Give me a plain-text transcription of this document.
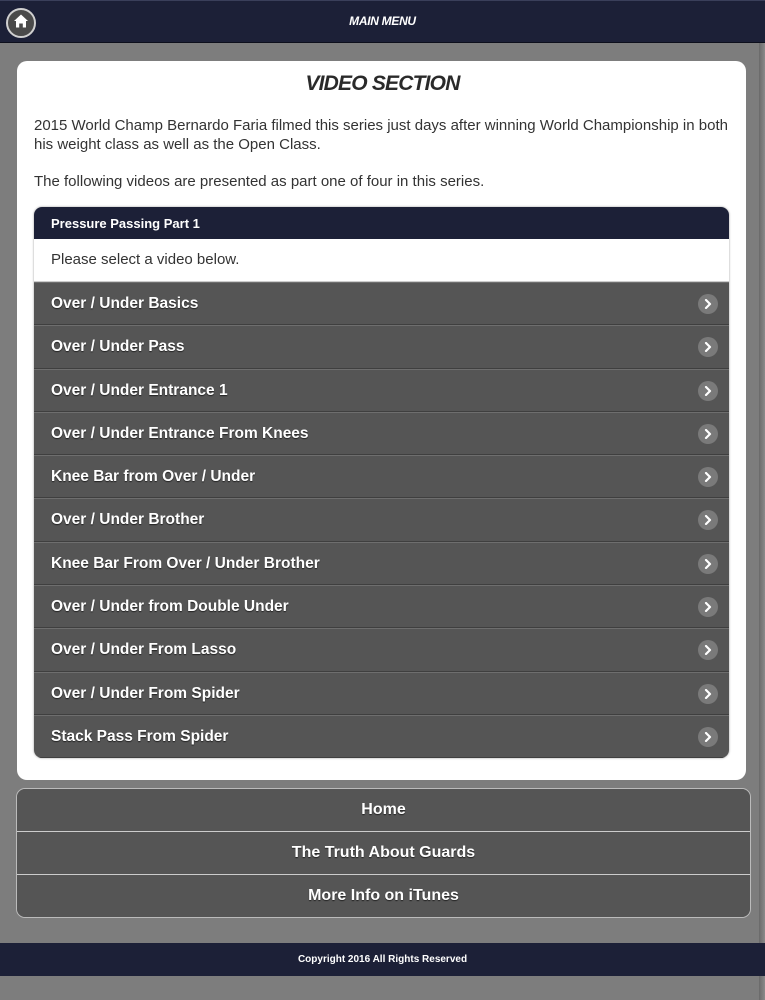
MAIN MENU
VIDEO SECTION
2015 World Champ Bernardo Faria filmed this series just days after winning World Championship in both his weight class as well as the Open Class.
The following videos are presented as part one of four in this series.
Pressure Passing Part 1
Please select a video below.
Over / Under Basics
Over / Under Pass
Over / Under Entrance 1
Over / Under Entrance From Knees
Knee Bar from Over / Under
Over / Under Brother
Knee Bar From Over / Under Brother
Over / Under from Double Under
Over / Under From Lasso
Over / Under From Spider
Stack Pass From Spider
Home
The Truth About Guards
More Info on iTunes
Copyright 2016 All Rights Reserved
